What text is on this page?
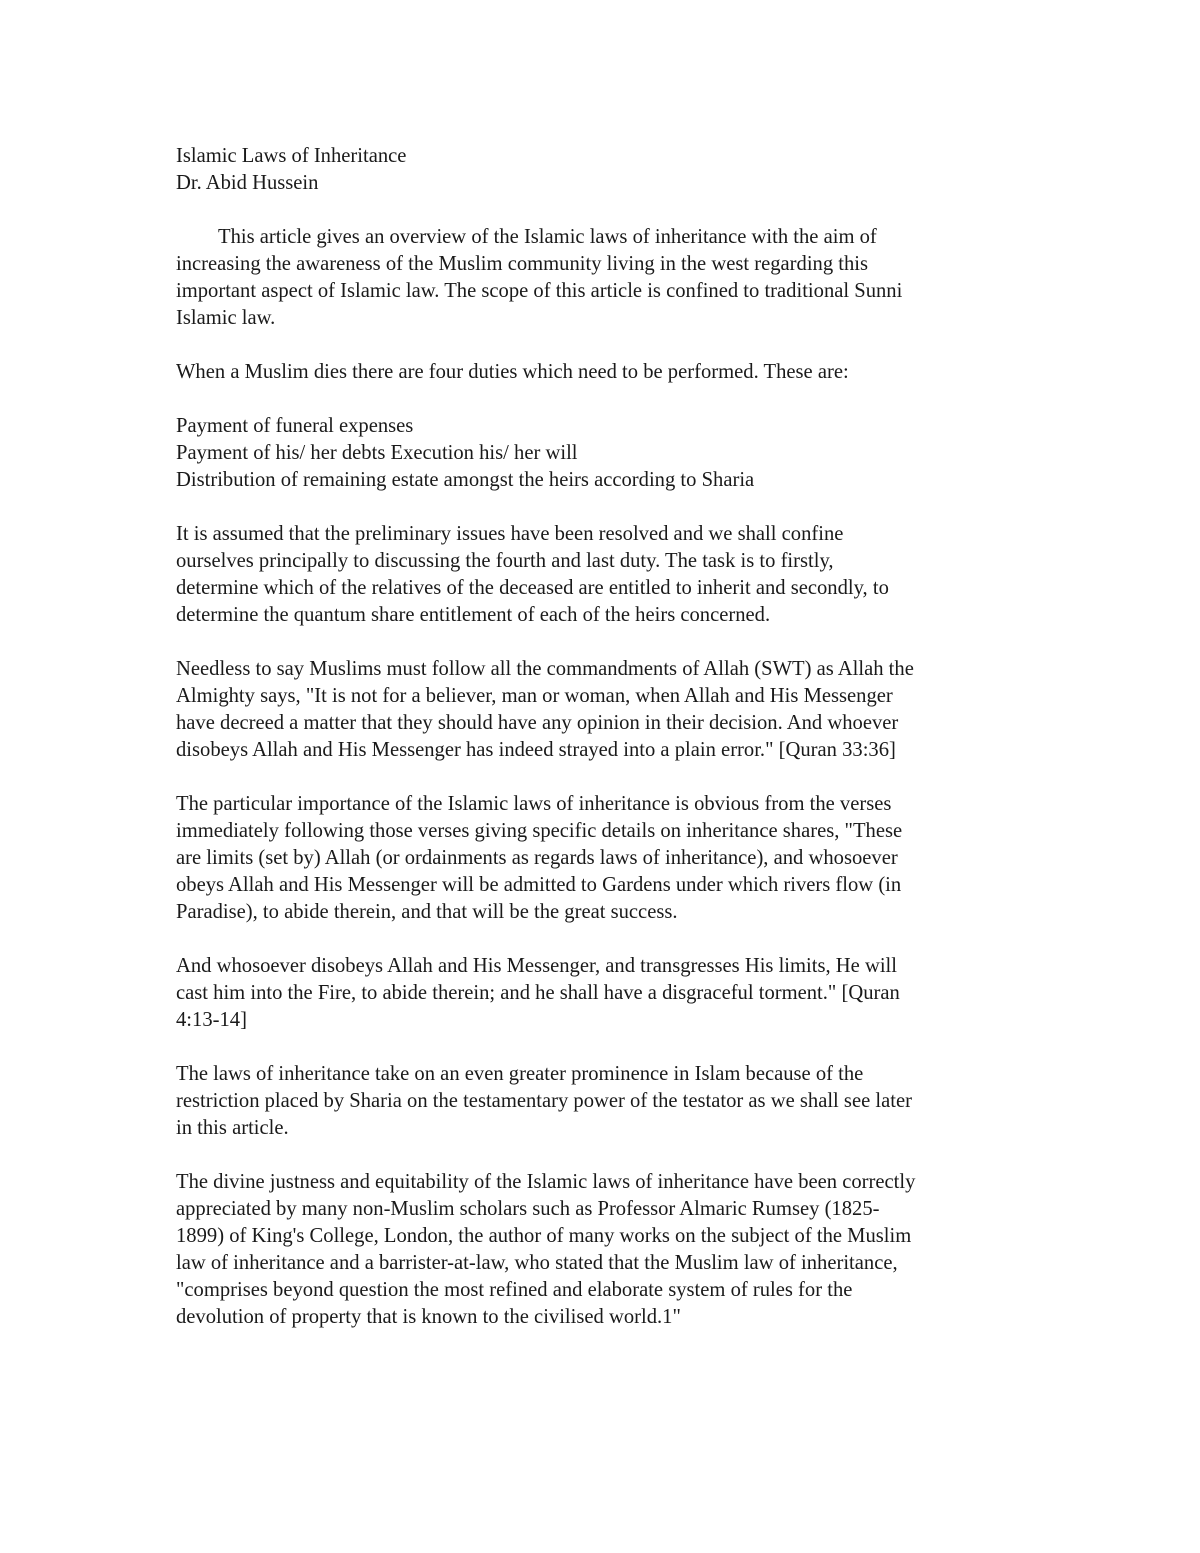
Islamic Laws of Inheritance
Dr. Abid Hussein

This article gives an overview of the Islamic laws of inheritance with the aim of
increasing the awareness of the Muslim community living in the west regarding this
important aspect of Islamic law. The scope of this article is confined to traditional Sunni
Islamic law.

When a Muslim dies there are four duties which need to be performed. These are:

Payment of funeral expenses
Payment of his/ her debts Execution his/ her will
Distribution of remaining estate amongst the heirs according to Sharia

It is assumed that the preliminary issues have been resolved and we shall confine
ourselves principally to discussing the fourth and last duty. The task is to firstly,
determine which of the relatives of the deceased are entitled to inherit and secondly, to
determine the quantum share entitlement of each of the heirs concerned.

Needless to say Muslims must follow all the commandments of Allah (SWT) as Allah the
Almighty says, "It is not for a believer, man or woman, when Allah and His Messenger
have decreed a matter that they should have any opinion in their decision. And whoever
disobeys Allah and His Messenger has indeed strayed into a plain error." [Quran 33:36]

The particular importance of the Islamic laws of inheritance is obvious from the verses
immediately following those verses giving specific details on inheritance shares, "These
are limits (set by) Allah (or ordainments as regards laws of inheritance), and whosoever
obeys Allah and His Messenger will be admitted to Gardens under which rivers flow (in
Paradise), to abide therein, and that will be the great success.

And whosoever disobeys Allah and His Messenger, and transgresses His limits, He will
cast him into the Fire, to abide therein; and he shall have a disgraceful torment." [Quran
4:13-14]

The laws of inheritance take on an even greater prominence in Islam because of the
restriction placed by Sharia on the testamentary power of the testator as we shall see later
in this article.

The divine justness and equitability of the Islamic laws of inheritance have been correctly
appreciated by many non-Muslim scholars such as Professor Almaric Rumsey (1825-
1899) of King's College, London, the author of many works on the subject of the Muslim
law of inheritance and a barrister-at-law, who stated that the Muslim law of inheritance,
"comprises beyond question the most refined and elaborate system of rules for the
devolution of property that is known to the civilised world.1"
